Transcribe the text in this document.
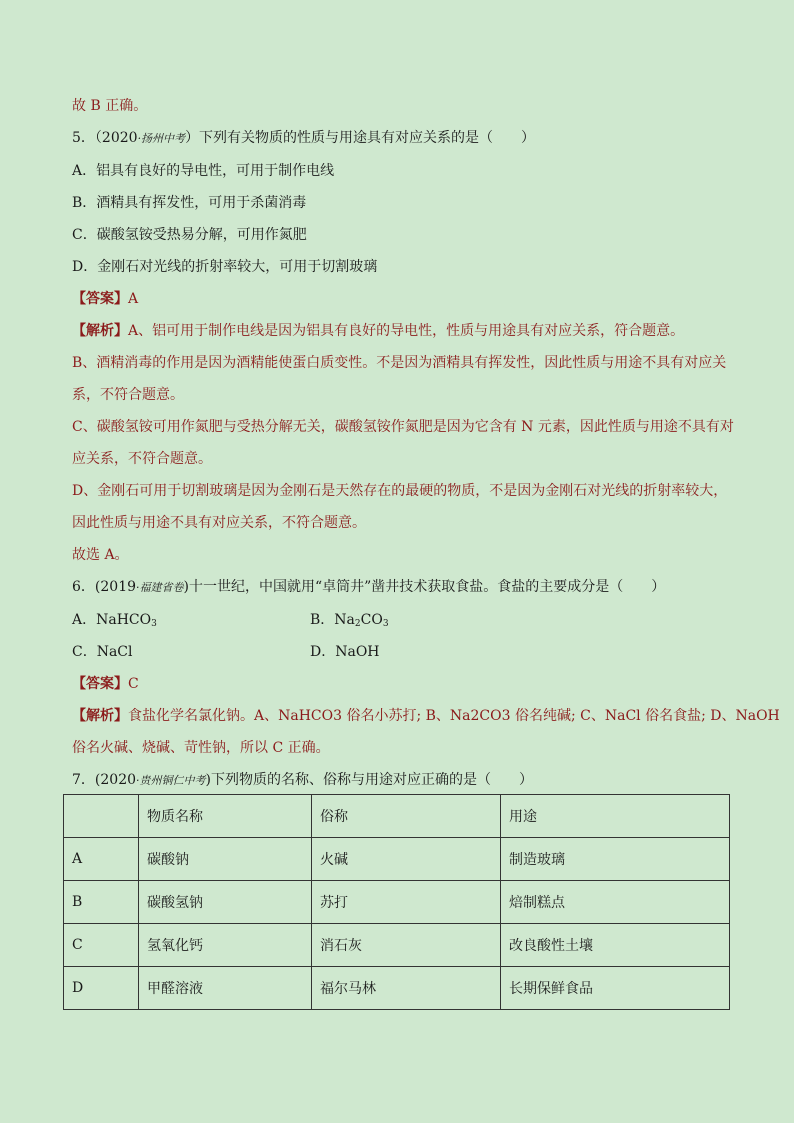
故 B 正确。

5．（2020·扬州中考）下列有关物质的性质与用途具有对应关系的是（　　）

A．铝具有良好的导电性，可用于制作电线

B．酒精具有挥发性，可用于杀菌消毒

C．碳酸氢铵受热易分解，可用作氮肥

D．金刚石对光线的折射率较大，可用于切割玻璃

【答案】A

【解析】A、铝可用于制作电线是因为铝具有良好的导电性，性质与用途具有对应关系，符合题意。

B、酒精消毒的作用是因为酒精能使蛋白质变性。不是因为酒精具有挥发性，因此性质与用途不具有对应关

系，不符合题意。

C、碳酸氢铵可用作氮肥与受热分解无关，碳酸氢铵作氮肥是因为它含有 N 元素，因此性质与用途不具有对

应关系，不符合题意。

D、金刚石可用于切割玻璃是因为金刚石是天然存在的最硬的物质，不是因为金刚石对光线的折射率较大，

因此性质与用途不具有对应关系，不符合题意。

故选 A。

6．(2019·福建省卷)十一世纪，中国就用“卓筒井”凿井技术获取食盐。食盐的主要成分是（　　）

A．NaHCO$_3$	B．$Na_2CO_3$
C．NaCl	D．NaOH

【答案】C

【解析】食盐化学名氯化钠。A、NaHCO3 俗名小苏打; B、Na2CO3 俗名纯碱; C、NaCl 俗名食盐; D、NaOH

俗名火碱、烧碱、苛性钠，所以 C 正确。

7．(2020·贵州铜仁中考)下列物质的名称、俗称与用途对应正确的是（　　）

	物质名称	俗称	用途
A	碳酸钠	火碱	制造玻璃
B	碳酸氢钠	苏打	焙制糕点
C	氢氧化钙	消石灰	改良酸性土壤
D	甲醛溶液	福尔马林	长期保鲜食品
